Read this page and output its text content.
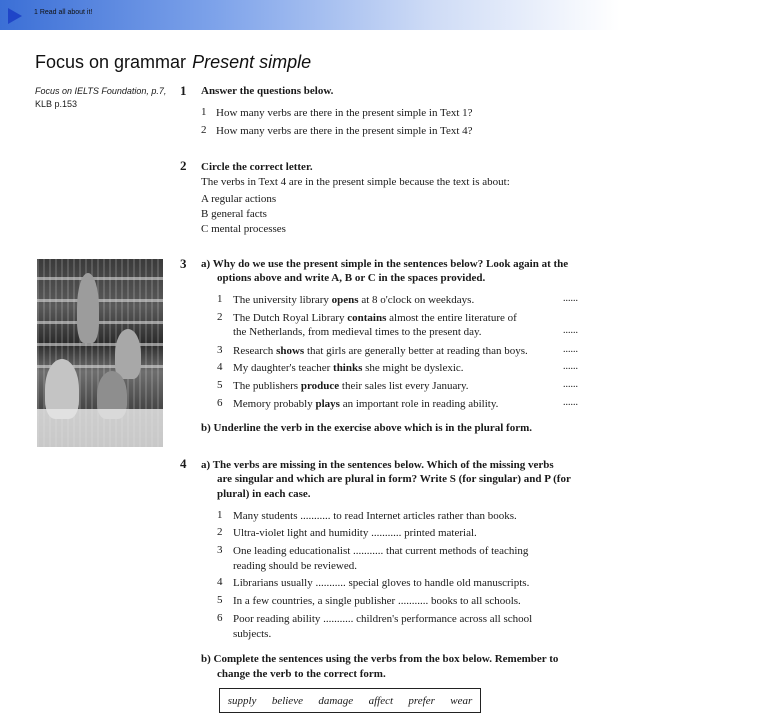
1 Read all about it!
Focus on grammar Present simple
Focus on IELTS Foundation, p.7,
KLB p.153
1 Answer the questions below.
1 How many verbs are there in the present simple in Text 1?
2 How many verbs are there in the present simple in Text 4?
2 Circle the correct letter.
The verbs in Text 4 are in the present simple because the text is about:
A regular actions
B general facts
C mental processes
3 a) Why do we use the present simple in the sentences below? Look again at the
options above and write A, B or C in the spaces provided.
1 The university library opens at 8 o'clock on weekdays.	......
2 The Dutch Royal Library contains almost the entire literature of
the Netherlands, from medieval times to the present day.	......
3 Research shows that girls are generally better at reading than boys.	......
4 My daughter's teacher thinks she might be dyslexic.	......
5 The publishers produce their sales list every January.	......
6 Memory probably plays an important role in reading ability.	......
b) Underline the verb in the exercise above which is in the plural form.
4 a) The verbs are missing in the sentences below. Which of the missing verbs
are singular and which are plural in form? Write S (for singular) and P (for
plural) in each case.
1 Many students ........... to read Internet articles rather than books.
2 Ultra-violet light and humidity ........... printed material.
3 One leading educationalist ........... that current methods of teaching
reading should be reviewed.
4 Librarians usually ........... special gloves to handle old manuscripts.
5 In a few countries, a single publisher ........... books to all schools.
6 Poor reading ability ........... children's performance across all school
subjects.
b) Complete the sentences using the verbs from the box below. Remember to
change the verb to the correct form.
supply believe damage affect prefer wear
